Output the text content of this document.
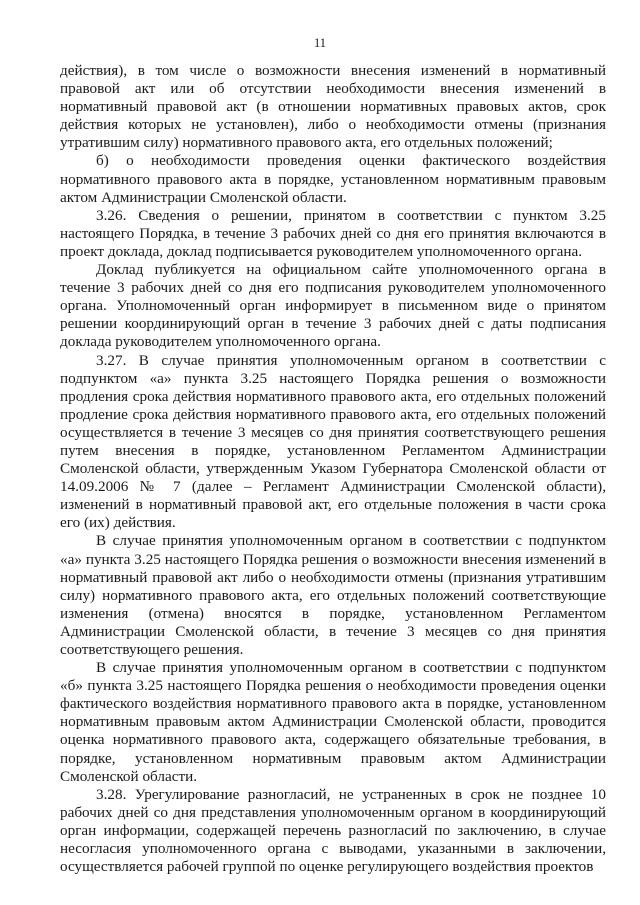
11

действия), в том числе о возможности внесения изменений в нормативный правовой акт или об отсутствии необходимости внесения изменений в нормативный правовой акт (в отношении нормативных правовых актов, срок действия которых не установлен), либо о необходимости отмены (признания утратившим силу) нормативного правового акта, его отдельных положений;

б) о необходимости проведения оценки фактического воздействия нормативного правового акта в порядке, установленном нормативным правовым актом Администрации Смоленской области.

3.26. Сведения о решении, принятом в соответствии с пунктом 3.25 настоящего Порядка, в течение 3 рабочих дней со дня его принятия включаются в проект доклада, доклад подписывается руководителем уполномоченного органа.

Доклад публикуется на официальном сайте уполномоченного органа в течение 3 рабочих дней со дня его подписания руководителем уполномоченного органа. Уполномоченный орган информирует в письменном виде о принятом решении координирующий орган в течение 3 рабочих дней с даты подписания доклада руководителем уполномоченного органа.

3.27. В случае принятия уполномоченным органом в соответствии с подпунктом «а» пункта 3.25 настоящего Порядка решения о возможности продления срока действия нормативного правового акта, его отдельных положений продление срока действия нормативного правового акта, его отдельных положений осуществляется в течение 3 месяцев со дня принятия соответствующего решения путем внесения в порядке, установленном Регламентом Администрации Смоленской области, утвержденным Указом Губернатора Смоленской области от 14.09.2006 № 7 (далее – Регламент Администрации Смоленской области), изменений в нормативный правовой акт, его отдельные положения в части срока его (их) действия.

В случае принятия уполномоченным органом в соответствии с подпунктом «а» пункта 3.25 настоящего Порядка решения о возможности внесения изменений в нормативный правовой акт либо о необходимости отмены (признания утратившим силу) нормативного правового акта, его отдельных положений соответствующие изменения (отмена) вносятся в порядке, установленном Регламентом Администрации Смоленской области, в течение 3 месяцев со дня принятия соответствующего решения.

В случае принятия уполномоченным органом в соответствии с подпунктом «б» пункта 3.25 настоящего Порядка решения о необходимости проведения оценки фактического воздействия нормативного правового акта в порядке, установленном нормативным правовым актом Администрации Смоленской области, проводится оценка нормативного правового акта, содержащего обязательные требования, в порядке, установленном нормативным правовым актом Администрации Смоленской области.

3.28. Урегулирование разногласий, не устраненных в срок не позднее 10 рабочих дней со дня представления уполномоченным органом в координирующий орган информации, содержащей перечень разногласий по заключению, в случае несогласия уполномоченного органа с выводами, указанными в заключении, осуществляется рабочей группой по оценке регулирующего воздействия проектов
